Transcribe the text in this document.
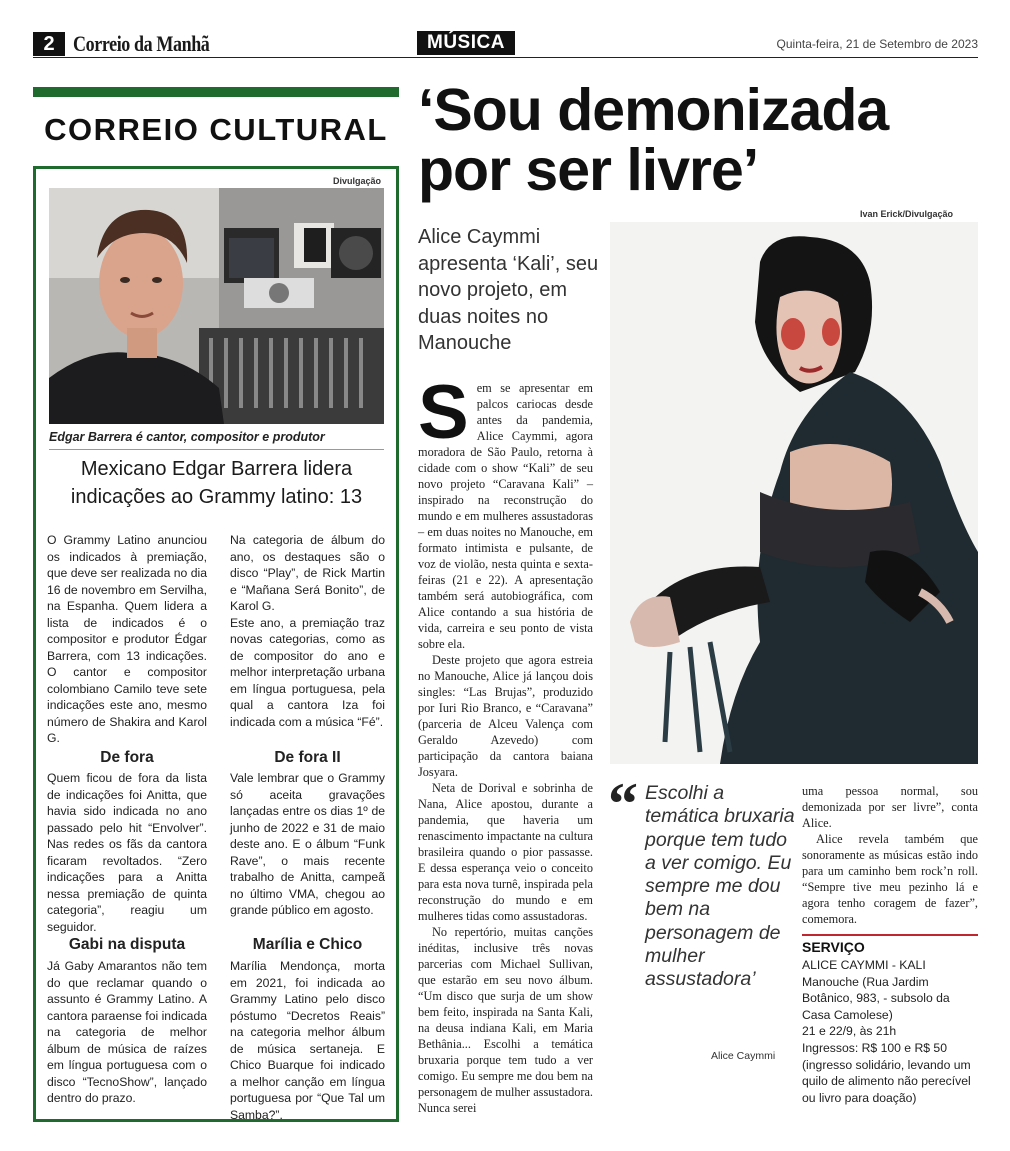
2 Correio da Manhã	MÚSICA	Quinta-feira, 21 de Setembro de 2023
CORREIO CULTURAL
Divulgação
Edgar Barrera é cantor, compositor e produtor
Mexicano Edgar Barrera lidera indicações ao Grammy latino: 13
O Grammy Latino anunciou os indicados à premiação, que deve ser realizada no dia 16 de novembro em Servilha, na Espanha. Quem lidera a lista de indicados é o compositor e produtor Édgar Barrera, com 13 indicações. O cantor e compositor colombiano Camilo teve sete indicações este ano, mesmo número de Shakira and Karol G.
Na categoria de álbum do ano, os destaques são o disco “Play”, de Rick Martin e “Mañana Será Bonito”, de Karol G.
Este ano, a premiação traz novas categorias, como as de compositor do ano e melhor interpretação urbana em língua portuguesa, pela qual a cantora Iza foi indicada com a música “Fé”.
De fora
Quem ficou de fora da lista de indicações foi Anitta, que havia sido indicada no ano passado pelo hit “Envolver”. Nas redes os fãs da cantora ficaram revoltados. “Zero indicações para a Anitta nessa premiação de quinta categoria”, reagiu um seguidor.
De fora II
Vale lembrar que o Grammy só aceita gravações lançadas entre os dias 1º de junho de 2022 e 31 de maio deste ano. E o álbum “Funk Rave”, o mais recente trabalho de Anitta, campeã no último VMA, chegou ao grande público em agosto.
Gabi na disputa
Já Gaby Amarantos não tem do que reclamar quando o assunto é Grammy Latino. A cantora paraense foi indicada na categoria de melhor álbum de música de raízes em língua portuguesa com o disco “TecnoShow”, lançado dentro do prazo.
Marília e Chico
Marília Mendonça, morta em 2021, foi indicada ao Grammy Latino pelo disco póstumo “Decretos Reais” na categoria melhor álbum de música sertaneja. E Chico Buarque foi indicado a melhor canção em língua portuguesa por “Que Tal um Samba?”.
‘Sou demonizada por ser livre’
Ivan Erick/Divulgação
Alice Caymmi apresenta ‘Kali’, seu novo projeto, em duas noites no Manouche

Sem se apresentar em palcos cariocas desde antes da pandemia, Alice Caymmi, agora moradora de São Paulo, retorna à cidade com o show “Kali” de seu novo projeto “Caravana Kali” – inspirado na reconstrução do mundo e em mulheres assustadoras – em duas noites no Manouche, em formato intimista e pulsante, de voz de violão, nesta quinta e sexta-feiras (21 e 22). A apresentação também será autobiográfica, com Alice contando a sua história de vida, carreira e seu ponto de vista sobre ela.

Deste projeto que agora estreia no Manouche, Alice já lançou dois singles: “Las Brujas”, produzido por Iuri Rio Branco, e “Caravana” (parceria de Alceu Valença com Geraldo Azevedo) com participação da cantora baiana Josyara.

Neta de Dorival e sobrinha de Nana, Alice apostou, durante a pandemia, que haveria um renascimento impactante na cultura brasileira quando o pior passasse. E dessa esperança veio o conceito para esta nova turnê, inspirada pela reconstrução do mundo e em mulheres tidas como assustadoras.

No repertório, muitas canções inéditas, inclusive três novas parcerias com Michael Sullivan, que estarão em seu novo álbum. “Um disco que surja de um show bem feito, inspirada na Santa Kali, na deusa indiana Kali, em Maria Bethânia... Escolhi a temática bruxaria porque tem tudo a ver comigo. Eu sempre me dou bem na personagem de mulher assustadora. Nunca serei

“ Escolhi a temática bruxaria porque tem tudo a ver comigo. Eu sempre me dou bem na personagem de mulher assustadora’
Alice Caymmi

uma pessoa normal, sou demonizada por ser livre”, conta Alice.

Alice revela também que sonoramente as músicas estão indo para um caminho bem rock’n roll. “Sempre tive meu pezinho lá e agora tenho coragem de fazer”, comemora.

SERVIÇO
ALICE CAYMMI - KALI
Manouche (Rua Jardim Botânico, 983, - subsolo da Casa Camolese)
21 e 22/9, às 21h
Ingressos: R$ 100 e R$ 50 (ingresso solidário, levando um quilo de alimento não perecível ou livro para doação)
